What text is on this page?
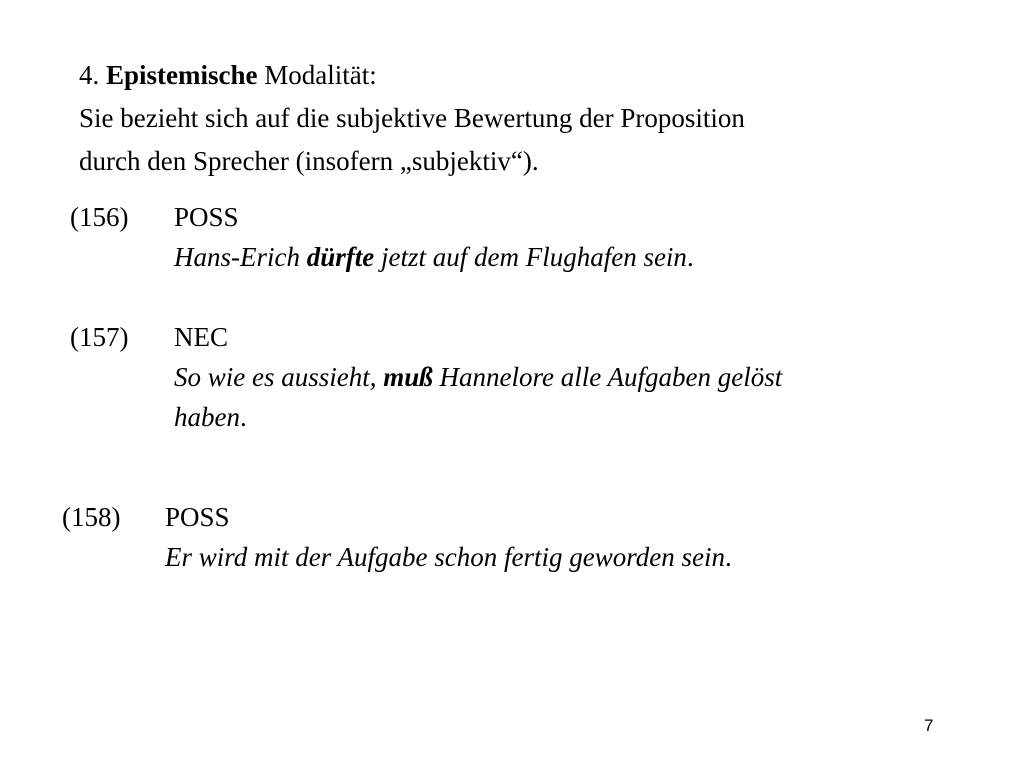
4. Epistemische Modalität:
Sie bezieht sich auf die subjektive Bewertung der Proposition
durch den Sprecher (insofern „subjektiv“).
(156) POSS
Hans-Erich dürfte jetzt auf dem Flughafen sein.
(157) NEC
So wie es aussieht, muß Hannelore alle Aufgaben gelöst
haben.
(158) POSS
Er wird mit der Aufgabe schon fertig geworden sein.
7
